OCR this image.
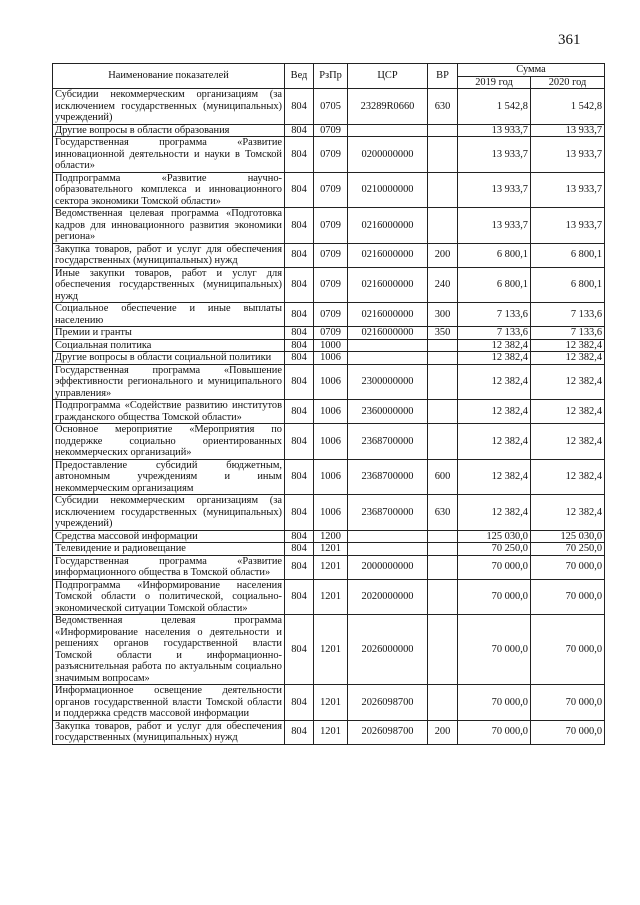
361
Наименование показателей	Вед	РзПр	ЦСР	ВР	Сумма	
					2019 год	2020 год
Субсидии некоммерческим организациям (за исключением государственных (муниципальных) учреждений)	804	0705	23289R0660	630	1 542,8	1 542,8
Другие вопросы в области образования	804	0709			13 933,7	13 933,7
Государственная программа «Развитие инновационной деятельности и науки в Томской области»	804	0709	0200000000		13 933,7	13 933,7
Подпрограмма «Развитие научно-образовательного комплекса и инновационного сектора экономики Томской области»	804	0709	0210000000		13 933,7	13 933,7
Ведомственная целевая программа «Подготовка кадров для инновационного развития экономики региона»	804	0709	0216000000		13 933,7	13 933,7
Закупка товаров, работ и услуг для обеспечения государственных (муниципальных) нужд	804	0709	0216000000	200	6 800,1	6 800,1
Иные закупки товаров, работ и услуг для обеспечения государственных (муниципальных) нужд	804	0709	0216000000	240	6 800,1	6 800,1
Социальное обеспечение и иные выплаты населению	804	0709	0216000000	300	7 133,6	7 133,6
Премии и гранты	804	0709	0216000000	350	7 133,6	7 133,6
Социальная политика	804	1000			12 382,4	12 382,4
Другие вопросы в области социальной политики	804	1006			12 382,4	12 382,4
Государственная программа «Повышение эффективности регионального и муниципального управления»	804	1006	2300000000		12 382,4	12 382,4
Подпрограмма «Содействие развитию институтов гражданского общества Томской области»	804	1006	2360000000		12 382,4	12 382,4
Основное мероприятие «Мероприятия по поддержке социально ориентированных некоммерческих организаций»	804	1006	2368700000		12 382,4	12 382,4
Предоставление субсидий бюджетным, автономным учреждениям и иным некоммерческим организациям	804	1006	2368700000	600	12 382,4	12 382,4
Субсидии некоммерческим организациям (за исключением государственных (муниципальных) учреждений)	804	1006	2368700000	630	12 382,4	12 382,4
Средства массовой информации	804	1200			125 030,0	125 030,0
Телевидение и радиовещание	804	1201			70 250,0	70 250,0
Государственная программа «Развитие информационного общества в Томской области»	804	1201	2000000000		70 000,0	70 000,0
Подпрограмма «Информирование населения Томской области о политической, социально-экономической ситуации Томской области»	804	1201	2020000000		70 000,0	70 000,0
Ведомственная целевая программа «Информирование населения о деятельности и решениях органов государственной власти Томской области и информационно-разъяснительная работа по актуальным социально значимым вопросам»	804	1201	2026000000		70 000,0	70 000,0
Информационное освещение деятельности органов государственной власти Томской области и поддержка средств массовой информации	804	1201	2026098700		70 000,0	70 000,0
Закупка товаров, работ и услуг для обеспечения государственных (муниципальных) нужд	804	1201	2026098700	200	70 000,0	70 000,0
